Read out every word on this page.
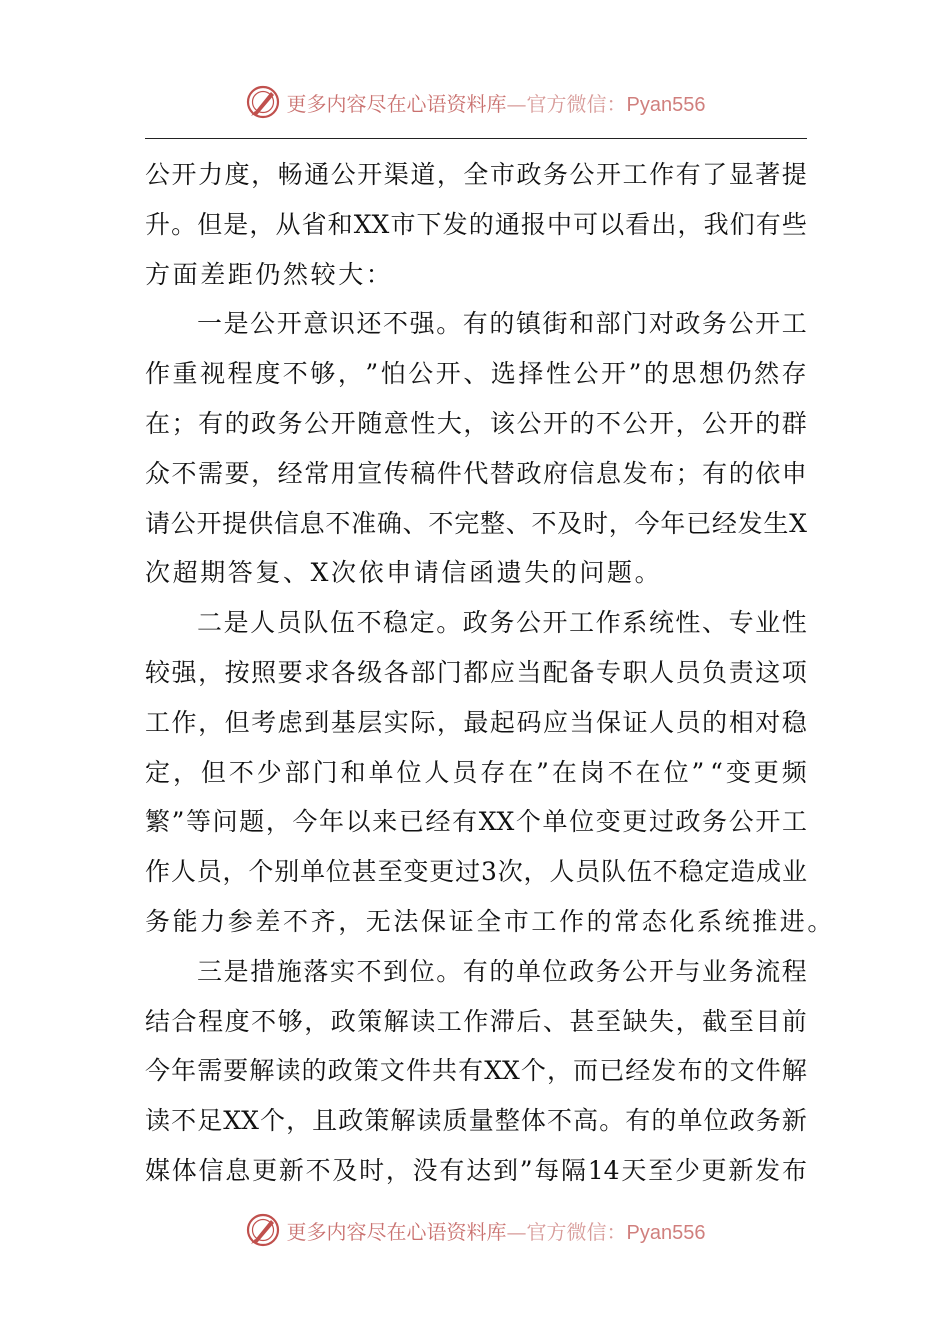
更多内容尽在心语资料库—官方微信：Pyan556
公 开 力 度 ， 畅 通 公 开 渠 道 ， 全 市 政 务 公 开 工 作 有 了 显 著 提
升 。 但 是 ， 从 省 和 XX 市 下 发 的 通 报 中 可 以 看 出 ， 我 们 有 些
方面差距仍然较大：
一 是 公 开 意 识 还 不 强 。 有 的 镇 街 和 部 门 对 政 务 公 开 工
作 重 视 程 度 不 够 ， ” 怕 公 开 、 选 择 性 公 开 ” 的 思 想 仍 然 存
在 ； 有 的 政 务 公 开 随 意 性 大 ， 该 公 开 的 不 公 开 ， 公 开 的 群
众 不 需 要 ， 经 常 用 宣 传 稿 件 代 替 政 府 信 息 发 布 ； 有 的 依 申
请 公 开 提 供 信 息 不 准 确 、 不 完 整 、 不 及 时 ， 今 年 已 经 发 生 X
次超期答复、X次依申请信函遗失的问题。
二 是 人 员 队 伍 不 稳 定 。 政 务 公 开 工 作 系 统 性 、 专 业 性
较 强 ， 按 照 要 求 各 级 各 部 门 都 应 当 配 备 专 职 人 员 负 责 这 项
工 作 ， 但 考 虑 到 基 层 实 际 ， 最 起 码 应 当 保 证 人 员 的 相 对 稳
定 ， 但 不 少 部 门 和 单 位 人 员 存 在 ” 在 岗 不 在 位 ” “ 变 更 频
繁 ” 等 问 题 ， 今 年 以 来 已 经 有 XX 个 单 位 变 更 过 政 务 公 开 工
作 人 员 ， 个 别 单 位 甚 至 变 更 过 3 次 ， 人 员 队 伍 不 稳 定 造 成 业
务能力参差不齐，无法保证全市工作的常态化系统推进。
三 是 措 施 落 实 不 到 位 。 有 的 单 位 政 务 公 开 与 业 务 流 程
结 合 程 度 不 够 ， 政 策 解 读 工 作 滞 后 、 甚 至 缺 失 ， 截 至 目 前
今 年 需 要 解 读 的 政 策 文 件 共 有 XX 个 ， 而 已 经 发 布 的 文 件 解
读 不 足 XX 个 ， 且 政 策 解 读 质 量 整 体 不 高 。 有 的 单 位 政 务 新
媒 体 信 息 更 新 不 及 时 ， 没 有 达 到 ” 每 隔 14 天 至 少 更 新 发 布
更多内容尽在心语资料库—官方微信：Pyan556
